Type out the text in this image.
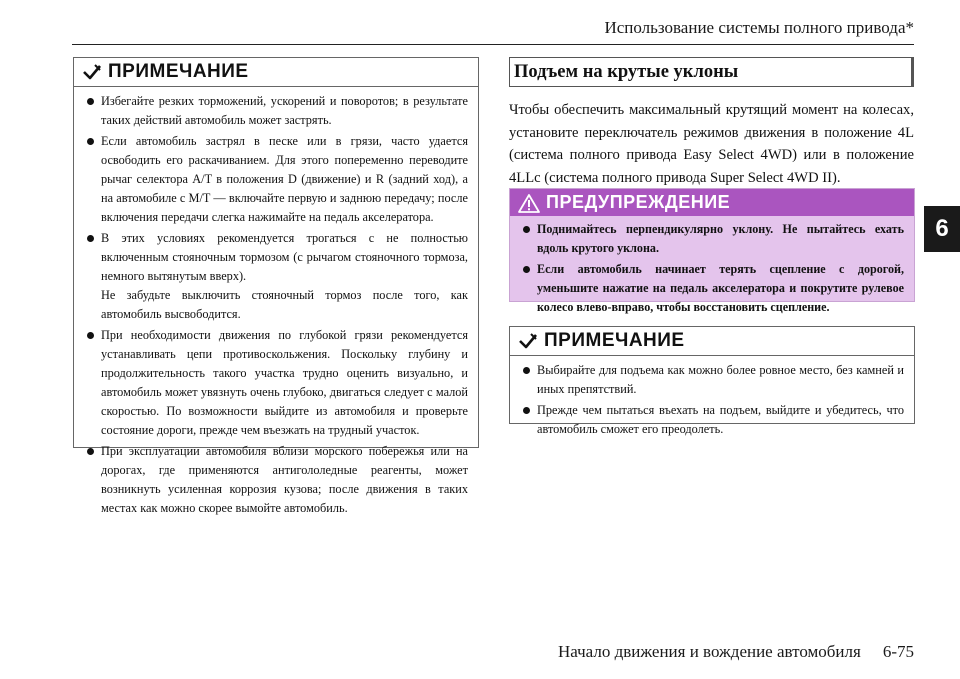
Использование системы полного привода*
6
ПРИМЕЧАНИЕ
Избегайте резких торможений, ускорений и поворотов; в результате таких действий автомобиль может застрять.
Если автомобиль застрял в песке или в грязи, часто удается освободить его раскачиванием. Для этого попеременно переводите рычаг селектора A/T в положения D (движение) и R (задний ход), а на автомобиле с M/T — включайте первую и заднюю передачу; после включения передачи слегка нажимайте на педаль акселератора.
В этих условиях рекомендуется трогаться с не полностью включенным стояночным тормозом (с рычагом стояночного тормоза, немного вытянутым вверх).
Не забудьте выключить стояночный тормоз после того, как автомобиль высвободится.
При необходимости движения по глубокой грязи рекомендуется устанавливать цепи противоскольжения. Поскольку глубину и продолжительность такого участка трудно оценить визуально, и автомобиль может увязнуть очень глубоко, двигаться следует с малой скоростью. По возможности выйдите из автомобиля и проверьте состояние дороги, прежде чем въезжать на трудный участок.
При эксплуатации автомобиля вблизи морского побережья или на дорогах, где применяются антигололедные реагенты, может возникнуть усиленная коррозия кузова; после движения в таких местах как можно скорее вымойте автомобиль.
Подъем на крутые уклоны

Чтобы обеспечить максимальный крутящий момент на колесах, установите переключатель режимов движения в положение 4L (система полного привода Easy Select 4WD) или в положение 4LLc (система полного привода Super Select 4WD II).

ПРЕДУПРЕЖДЕНИЕ
Поднимайтесь перпендикулярно уклону. Не пытайтесь ехать вдоль крутого уклона.
Если автомобиль начинает терять сцепление с дорогой, уменьшите нажатие на педаль акселератора и покрутите рулевое колесо влево-вправо, чтобы восстановить сцепление.
ПРИМЕЧАНИЕ
Выбирайте для подъема как можно более ровное место, без камней и иных препятствий.
Прежде чем пытаться въехать на подъем, выйдите и убедитесь, что автомобиль сможет его преодолеть.
Начало движения и вождение автомобиля 6-75
